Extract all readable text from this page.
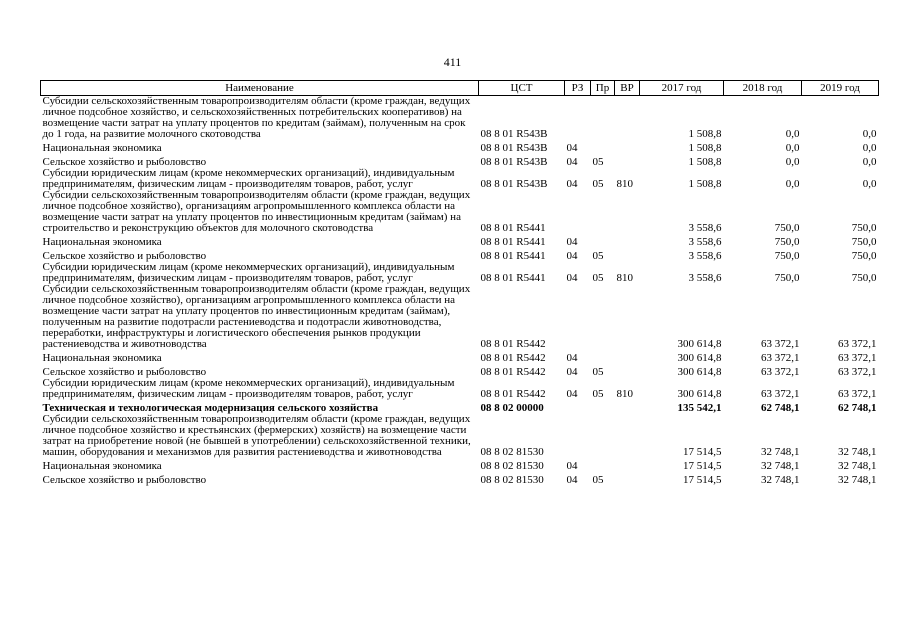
411
Наименование	ЦСТ	РЗ	Пр	ВР	2017 год	2018 год	2019 год
Субсидии сельскохозяйственным товаропроизводителям области (кроме граждан, ведущих личное подсобное хозяйство, и сельскохозяйственных потребительских кооперативов) на возмещение части затрат на уплату процентов по кредитам (займам), полученным на срок до 1 года, на развитие молочного скотоводства	08 8 01 R543B				1 508,8	0,0	0,0
Национальная экономика	08 8 01 R543B	04			1 508,8	0,0	0,0
Сельское хозяйство и рыболовство	08 8 01 R543B	04	05		1 508,8	0,0	0,0
Субсидии юридическим лицам (кроме некоммерческих организаций), индивидуальным предпринимателям, физическим лицам - производителям товаров, работ, услуг	08 8 01 R543B	04	05	810	1 508,8	0,0	0,0
Субсидии сельскохозяйственным товаропроизводителям области (кроме граждан, ведущих личное подсобное хозяйство), организациям агропромышленного комплекса области на возмещение части затрат на уплату процентов по инвестиционным кредитам (займам) на строительство и реконструкцию объектов для молочного скотоводства	08 8 01 R5441				3 558,6	750,0	750,0
Национальная экономика	08 8 01 R5441	04			3 558,6	750,0	750,0
Сельское хозяйство и рыболовство	08 8 01 R5441	04	05		3 558,6	750,0	750,0
Субсидии юридическим лицам (кроме некоммерческих организаций), индивидуальным предпринимателям, физическим лицам - производителям товаров, работ, услуг	08 8 01 R5441	04	05	810	3 558,6	750,0	750,0
Субсидии сельскохозяйственным товаропроизводителям области (кроме граждан, ведущих личное подсобное хозяйство), организациям агропромышленного комплекса области на возмещение части затрат на уплату процентов по инвестиционным кредитам (займам), полученным на развитие подотрасли растениеводства и подотрасли животноводства, переработки, инфраструктуры и логистического обеспечения рынков продукции растениеводства и животноводства	08 8 01 R5442				300 614,8	63 372,1	63 372,1
Национальная экономика	08 8 01 R5442	04			300 614,8	63 372,1	63 372,1
Сельское хозяйство и рыболовство	08 8 01 R5442	04	05		300 614,8	63 372,1	63 372,1
Субсидии юридическим лицам (кроме некоммерческих организаций), индивидуальным предпринимателям, физическим лицам - производителям товаров, работ, услуг	08 8 01 R5442	04	05	810	300 614,8	63 372,1	63 372,1
Техническая и технологическая модернизация сельского хозяйства	08 8 02 00000				135 542,1	62 748,1	62 748,1
Субсидии сельскохозяйственным товаропроизводителям области (кроме граждан, ведущих личное подсобное хозяйство и крестьянских (фермерских) хозяйств) на возмещение части затрат на приобретение новой (не бывшей в употреблении) сельскохозяйственной техники, машин, оборудования и механизмов для развития растениеводства и животноводства	08 8 02 81530				17 514,5	32 748,1	32 748,1
Национальная экономика	08 8 02 81530	04			17 514,5	32 748,1	32 748,1
Сельское хозяйство и рыболовство	08 8 02 81530	04	05		17 514,5	32 748,1	32 748,1
